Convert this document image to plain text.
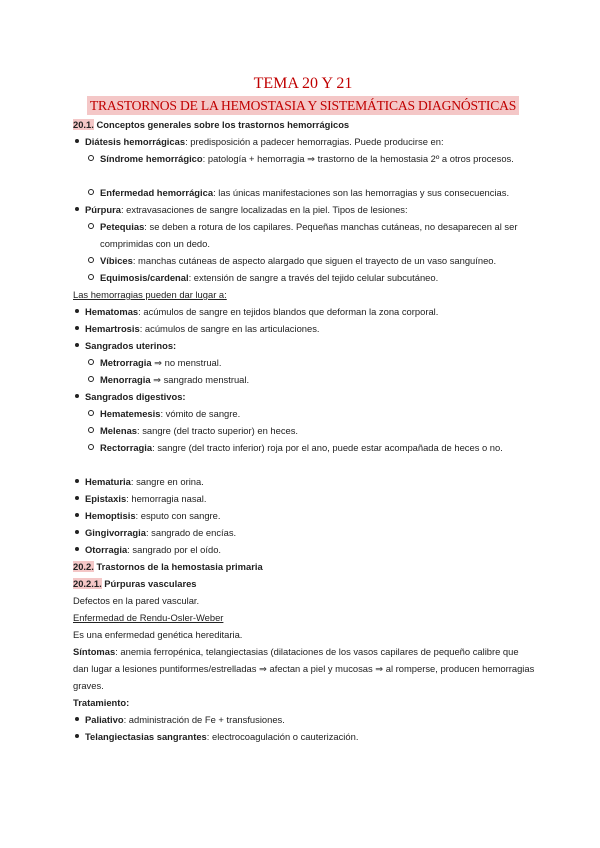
TEMA 20 Y 21
TRASTORNOS DE LA HEMOSTASIA Y SISTEMÁTICAS DIAGNÓSTICAS
20.1. Conceptos generales sobre los trastornos hemorrágicos
Diátesis hemorrágicas: predisposición a padecer hemorragias. Puede producirse en:
Síndrome hemorrágico: patología + hemorragia ⇒ trastorno de la hemostasia 2º a otros procesos.
Enfermedad hemorrágica: las únicas manifestaciones son las hemorragias y sus consecuencias.
Púrpura: extravasaciones de sangre localizadas en la piel. Tipos de lesiones:
Petequias: se deben a rotura de los capilares. Pequeñas manchas cutáneas, no desaparecen al ser comprimidas con un dedo.
Víbices: manchas cutáneas de aspecto alargado que siguen el trayecto de un vaso sanguíneo.
Equimosis/cardenal: extensión de sangre a través del tejido celular subcutáneo.
Las hemorragias pueden dar lugar a:
Hematomas: acúmulos de sangre en tejidos blandos que deforman la zona corporal.
Hemartrosis: acúmulos de sangre en las articulaciones.
Sangrados uterinos:
Metrorragia ⇒ no menstrual.
Menorragia ⇒ sangrado menstrual.
Sangrados digestivos:
Hematemesis: vómito de sangre.
Melenas: sangre (del tracto superior) en heces.
Rectorragia: sangre (del tracto inferior) roja por el ano, puede estar acompañada de heces o no.
Hematuria: sangre en orina.
Epistaxis: hemorragia nasal.
Hemoptisis: esputo con sangre.
Gingivorragia: sangrado de encías.
Otorragia: sangrado por el oído.
20.2. Trastornos de la hemostasia primaria
20.2.1. Púrpuras vasculares
Defectos en la pared vascular.
Enfermedad de Rendu-Osler-Weber
Es una enfermedad genética hereditaria.
Síntomas: anemia ferropénica, telangiectasias (dilataciones de los vasos capilares de pequeño calibre que dan lugar a lesiones puntiformes/estrelladas ⇒ afectan a piel y mucosas ⇒ al romperse, producen hemorragias graves.
Tratamiento:
Paliativo: administración de Fe + transfusiones.
Telangiectasias sangrantes: electrocoagulación o cauterización.
